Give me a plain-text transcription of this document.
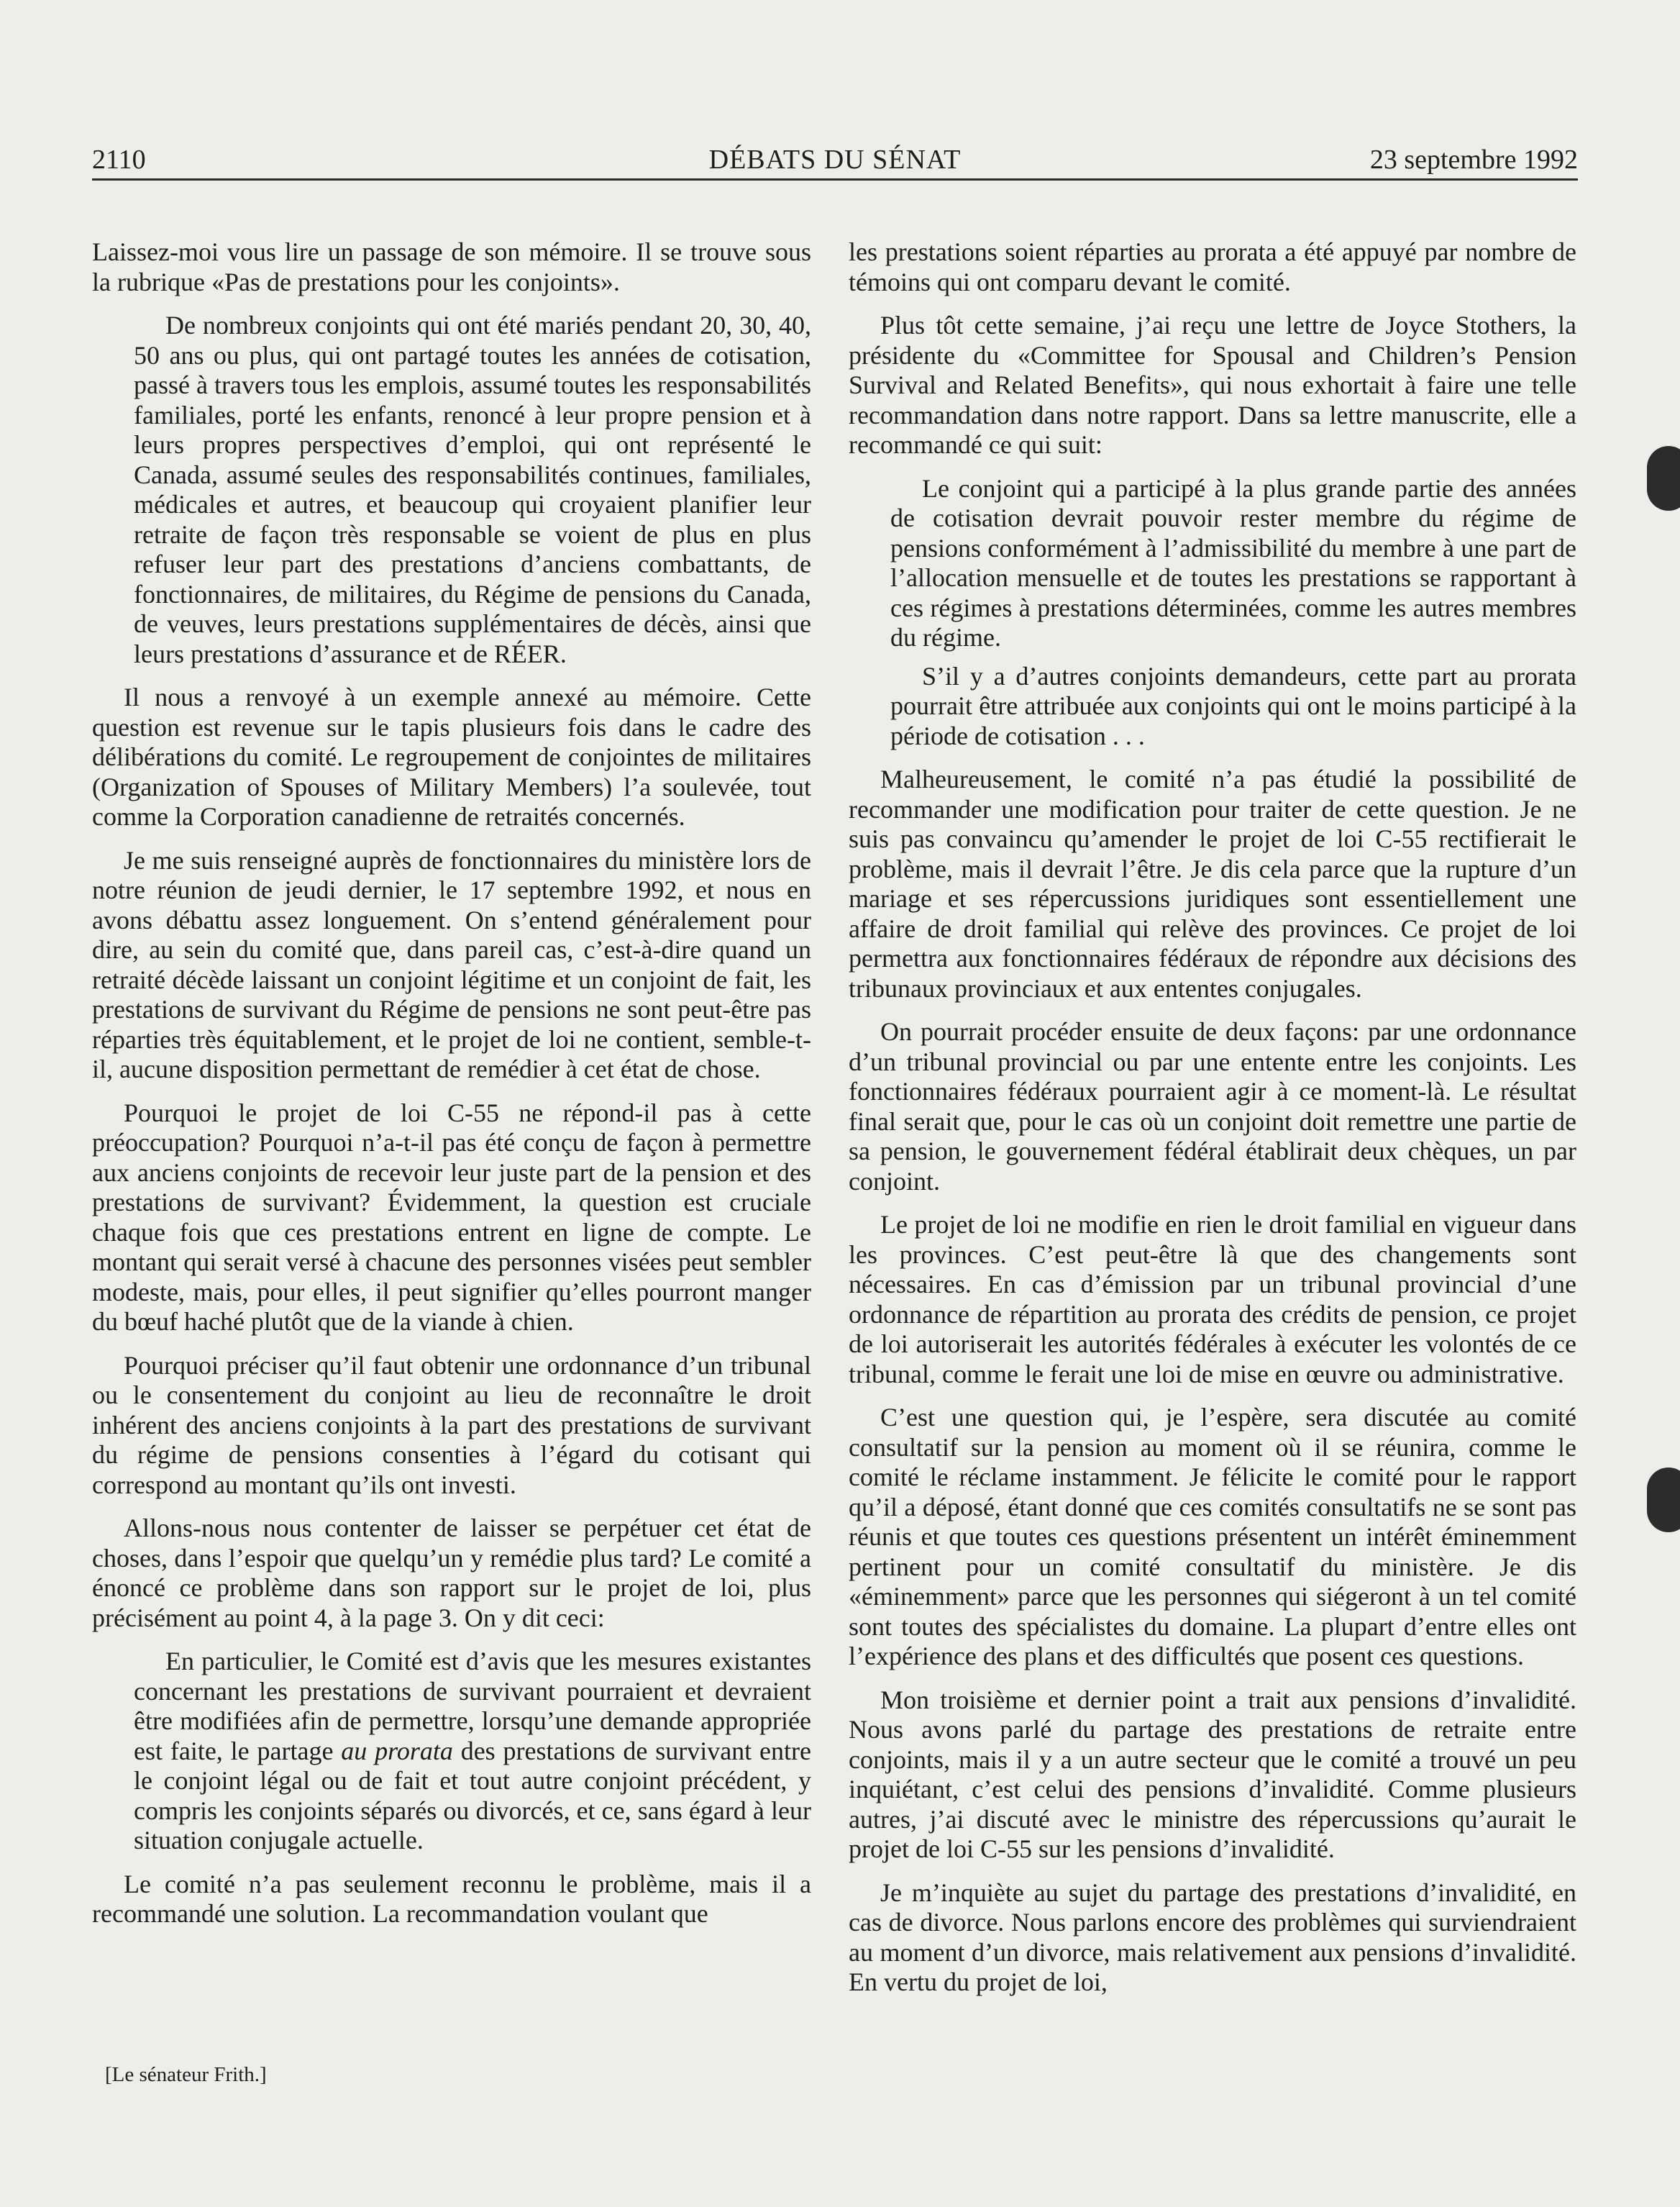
2110	DÉBATS DU SÉNAT	23 septembre 1992

Laissez-moi vous lire un passage de son mémoire. Il se trouve sous la rubrique «Pas de prestations pour les conjoints».

De nombreux conjoints qui ont été mariés pendant 20, 30, 40, 50 ans ou plus, qui ont partagé toutes les années de cotisation, passé à travers tous les emplois, assumé toutes les responsabilités familiales, porté les enfants, renoncé à leur propre pension et à leurs propres perspectives d’emploi, qui ont représenté le Canada, assumé seules des responsabilités continues, familiales, médicales et autres, et beaucoup qui croyaient planifier leur retraite de façon très responsable se voient de plus en plus refuser leur part des prestations d’anciens combattants, de fonctionnaires, de militaires, du Régime de pensions du Canada, de veuves, leurs prestations supplémentaires de décès, ainsi que leurs prestations d’assurance et de RÉER.

Il nous a renvoyé à un exemple annexé au mémoire. Cette question est revenue sur le tapis plusieurs fois dans le cadre des délibérations du comité. Le regroupement de conjointes de militaires (Organization of Spouses of Military Members) l’a soulevée, tout comme la Corporation canadienne de retraités concernés.

Je me suis renseigné auprès de fonctionnaires du ministère lors de notre réunion de jeudi dernier, le 17 septembre 1992, et nous en avons débattu assez longuement. On s’entend généralement pour dire, au sein du comité que, dans pareil cas, c’est-à-dire quand un retraité décède laissant un conjoint légitime et un conjoint de fait, les prestations de survivant du Régime de pensions ne sont peut-être pas réparties très équitablement, et le projet de loi ne contient, semble-t-il, aucune disposition permettant de remédier à cet état de chose.

Pourquoi le projet de loi C-55 ne répond-il pas à cette préoccupation? Pourquoi n’a-t-il pas été conçu de façon à permettre aux anciens conjoints de recevoir leur juste part de la pension et des prestations de survivant? Évidemment, la question est cruciale chaque fois que ces prestations entrent en ligne de compte. Le montant qui serait versé à chacune des personnes visées peut sembler modeste, mais, pour elles, il peut signifier qu’elles pourront manger du bœuf haché plutôt que de la viande à chien.

Pourquoi préciser qu’il faut obtenir une ordonnance d’un tribunal ou le consentement du conjoint au lieu de reconnaître le droit inhérent des anciens conjoints à la part des prestations de survivant du régime de pensions consenties à l’égard du cotisant qui correspond au montant qu’ils ont investi.

Allons-nous nous contenter de laisser se perpétuer cet état de choses, dans l’espoir que quelqu’un y remédie plus tard? Le comité a énoncé ce problème dans son rapport sur le projet de loi, plus précisément au point 4, à la page 3. On y dit ceci:

En particulier, le Comité est d’avis que les mesures existantes concernant les prestations de survivant pourraient et devraient être modifiées afin de permettre, lorsqu’une demande appropriée est faite, le partage au prorata des prestations de survivant entre le conjoint légal ou de fait et tout autre conjoint précédent, y compris les conjoints séparés ou divorcés, et ce, sans égard à leur situation conjugale actuelle.

Le comité n’a pas seulement reconnu le problème, mais il a recommandé une solution. La recommandation voulant que

[Le sénateur Frith.]

les prestations soient réparties au prorata a été appuyé par nombre de témoins qui ont comparu devant le comité.

Plus tôt cette semaine, j’ai reçu une lettre de Joyce Stothers, la présidente du «Committee for Spousal and Children’s Pension Survival and Related Benefits», qui nous exhortait à faire une telle recommandation dans notre rapport. Dans sa lettre manuscrite, elle a recommandé ce qui suit:

Le conjoint qui a participé à la plus grande partie des années de cotisation devrait pouvoir rester membre du régime de pensions conformément à l’admissibilité du membre à une part de l’allocation mensuelle et de toutes les prestations se rapportant à ces régimes à prestations déterminées, comme les autres membres du régime.

S’il y a d’autres conjoints demandeurs, cette part au prorata pourrait être attribuée aux conjoints qui ont le moins participé à la période de cotisation . . .

Malheureusement, le comité n’a pas étudié la possibilité de recommander une modification pour traiter de cette question. Je ne suis pas convaincu qu’amender le projet de loi C-55 rectifierait le problème, mais il devrait l’être. Je dis cela parce que la rupture d’un mariage et ses répercussions juridiques sont essentiellement une affaire de droit familial qui relève des provinces. Ce projet de loi permettra aux fonctionnaires fédéraux de répondre aux décisions des tribunaux provinciaux et aux ententes conjugales.

On pourrait procéder ensuite de deux façons: par une ordonnance d’un tribunal provincial ou par une entente entre les conjoints. Les fonctionnaires fédéraux pourraient agir à ce moment-là. Le résultat final serait que, pour le cas où un conjoint doit remettre une partie de sa pension, le gouvernement fédéral établirait deux chèques, un par conjoint.

Le projet de loi ne modifie en rien le droit familial en vigueur dans les provinces. C’est peut-être là que des changements sont nécessaires. En cas d’émission par un tribunal provincial d’une ordonnance de répartition au prorata des crédits de pension, ce projet de loi autoriserait les autorités fédérales à exécuter les volontés de ce tribunal, comme le ferait une loi de mise en œuvre ou administrative.

C’est une question qui, je l’espère, sera discutée au comité consultatif sur la pension au moment où il se réunira, comme le comité le réclame instamment. Je félicite le comité pour le rapport qu’il a déposé, étant donné que ces comités consultatifs ne se sont pas réunis et que toutes ces questions présentent un intérêt éminemment pertinent pour un comité consultatif du ministère. Je dis «éminemment» parce que les personnes qui siégeront à un tel comité sont toutes des spécialistes du domaine. La plupart d’entre elles ont l’expérience des plans et des difficultés que posent ces questions.

Mon troisième et dernier point a trait aux pensions d’invalidité. Nous avons parlé du partage des prestations de retraite entre conjoints, mais il y a un autre secteur que le comité a trouvé un peu inquiétant, c’est celui des pensions d’invalidité. Comme plusieurs autres, j’ai discuté avec le ministre des répercussions qu’aurait le projet de loi C-55 sur les pensions d’invalidité.

Je m’inquiète au sujet du partage des prestations d’invalidité, en cas de divorce. Nous parlons encore des problèmes qui surviendraient au moment d’un divorce, mais relativement aux pensions d’invalidité. En vertu du projet de loi,
